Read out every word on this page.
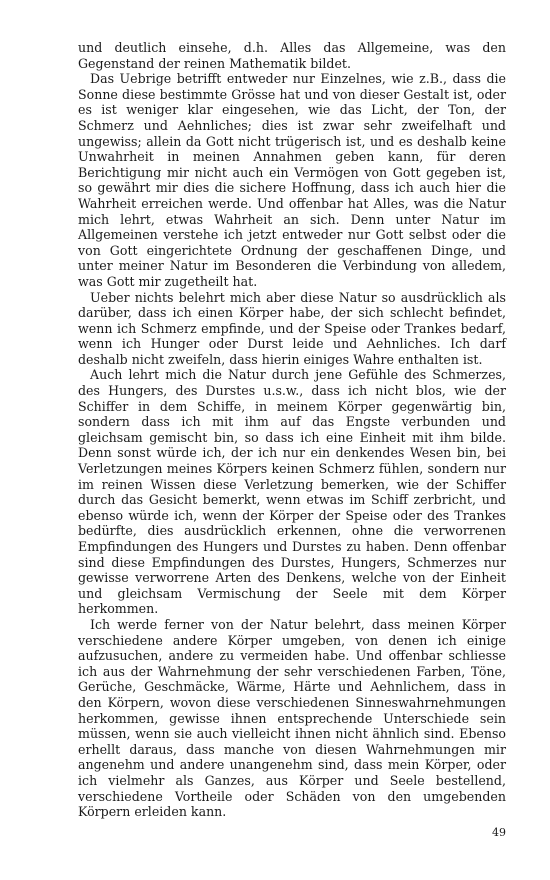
und deutlich einsehe, d.h. Alles das Allgemeine, was den Gegenstand der reinen Mathematik bildet.

Das Uebrige betrifft entweder nur Einzelnes, wie z.B., dass die Sonne diese bestimmte Grösse hat und von dieser Gestalt ist, oder es ist weniger klar eingesehen, wie das Licht, der Ton, der Schmerz und Aehnliches; dies ist zwar sehr zweifelhaft und ungewiss; allein da Gott nicht trügerisch ist, und es deshalb keine Unwahrheit in meinen Annahmen geben kann, für deren Berichtigung mir nicht auch ein Vermögen von Gott gegeben ist, so gewährt mir dies die sichere Hoffnung, dass ich auch hier die Wahrheit erreichen werde. Und offenbar hat Alles, was die Natur mich lehrt, etwas Wahrheit an sich. Denn unter Natur im Allgemeinen verstehe ich jetzt entweder nur Gott selbst oder die von Gott eingerichtete Ordnung der geschaffenen Dinge, und unter meiner Natur im Besonderen die Verbindung von alledem, was Gott mir zugetheilt hat.

Ueber nichts belehrt mich aber diese Natur so ausdrücklich als darüber, dass ich einen Körper habe, der sich schlecht befindet, wenn ich Schmerz empfinde, und der Speise oder Trankes bedarf, wenn ich Hunger oder Durst leide und Aehnliches. Ich darf deshalb nicht zweifeln, dass hierin einiges Wahre enthalten ist.

Auch lehrt mich die Natur durch jene Gefühle des Schmerzes, des Hungers, des Durstes u.s.w., dass ich nicht blos, wie der Schiffer in dem Schiffe, in meinem Körper gegenwärtig bin, sondern dass ich mit ihm auf das Engste verbunden und gleichsam gemischt bin, so dass ich eine Einheit mit ihm bilde. Denn sonst würde ich, der ich nur ein denkendes Wesen bin, bei Verletzungen meines Körpers keinen Schmerz fühlen, sondern nur im reinen Wissen diese Verletzung bemerken, wie der Schiffer durch das Gesicht bemerkt, wenn etwas im Schiff zerbricht, und ebenso würde ich, wenn der Körper der Speise oder des Trankes bedürfte, dies ausdrücklich erkennen, ohne die verworrenen Empfindungen des Hungers und Durstes zu haben. Denn offenbar sind diese Empfindungen des Durstes, Hungers, Schmerzes nur gewisse verworrene Arten des Denkens, welche von der Einheit und gleichsam Vermischung der Seele mit dem Körper herkommen.

Ich werde ferner von der Natur belehrt, dass meinen Körper verschiedene andere Körper umgeben, von denen ich einige aufzusuchen, andere zu vermeiden habe. Und offenbar schliesse ich aus der Wahrnehmung der sehr verschiedenen Farben, Töne, Gerüche, Geschmäcke, Wärme, Härte und Aehnlichem, dass in den Körpern, wovon diese verschiedenen Sinneswahrnehmungen herkommen, gewisse ihnen entsprechende Unterschiede sein müssen, wenn sie auch vielleicht ihnen nicht ähnlich sind. Ebenso erhellt daraus, dass manche von diesen Wahrnehmungen mir angenehm und andere unangenehm sind, dass mein Körper, oder ich vielmehr als Ganzes, aus Körper und Seele bestellend, verschiedene Vortheile oder Schäden von den umgebenden Körpern erleiden kann.

49
